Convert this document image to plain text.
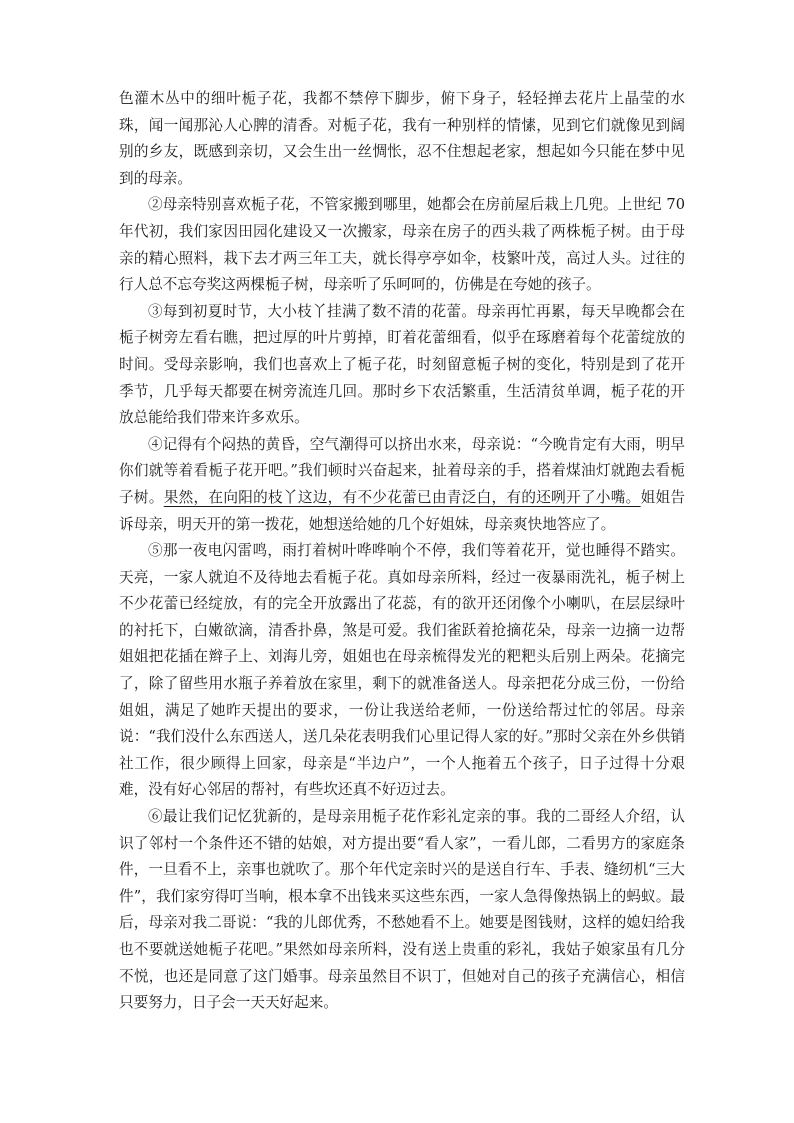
色灌木丛中的细叶栀子花，我都不禁停下脚步，俯下身子，轻轻掸去花片上晶莹的水珠，闻一闻那沁人心脾的清香。对栀子花，我有一种别样的情愫，见到它们就像见到阔别的乡友，既感到亲切，又会生出一丝惆怅，忍不住想起老家，想起如今只能在梦中见到的母亲。

②母亲特别喜欢栀子花，不管家搬到哪里，她都会在房前屋后栽上几兜。上世纪 70 年代初，我们家因田园化建设又一次搬家，母亲在房子的西头栽了两株栀子树。由于母亲的精心照料，栽下去才两三年工夫，就长得亭亭如伞，枝繁叶茂，高过人头。过往的行人总不忘夸奖这两棵栀子树，母亲听了乐呵呵的，仿佛是在夸她的孩子。

③每到初夏时节，大小枝丫挂满了数不清的花蕾。母亲再忙再累，每天早晚都会在栀子树旁左看右瞧，把过厚的叶片剪掉，盯着花蕾细看，似乎在琢磨着每个花蕾绽放的时间。受母亲影响，我们也喜欢上了栀子花，时刻留意栀子树的变化，特别是到了花开季节，几乎每天都要在树旁流连几回。那时乡下农活繁重，生活清贫单调，栀子花的开放总能给我们带来许多欢乐。

④记得有个闷热的黄昏，空气潮得可以挤出水来，母亲说：“今晚肯定有大雨，明早你们就等着看栀子花开吧。”我们顿时兴奋起来，扯着母亲的手，搭着煤油灯就跑去看栀子树。果然，在向阳的枝丫这边，有不少花蕾已由青泛白，有的还咧开了小嘴。姐姐告诉母亲，明天开的第一拨花，她想送给她的几个好姐妹，母亲爽快地答应了。

⑤那一夜电闪雷鸣，雨打着树叶哗哗响个不停，我们等着花开，觉也睡得不踏实。天亮，一家人就迫不及待地去看栀子花。真如母亲所料，经过一夜暴雨洗礼，栀子树上不少花蕾已经绽放，有的完全开放露出了花蕊，有的欲开还闭像个小喇叭，在层层绿叶的衬托下，白嫩欲滴，清香扑鼻，煞是可爱。我们雀跃着抢摘花朵，母亲一边摘一边帮姐姐把花插在辫子上、刘海儿旁，姐姐也在母亲梳得发光的粑粑头后别上两朵。花摘完了，除了留些用水瓶子养着放在家里，剩下的就准备送人。母亲把花分成三份，一份给姐姐，满足了她昨天提出的要求，一份让我送给老师，一份送给帮过忙的邻居。母亲说：“我们没什么东西送人，送几朵花表明我们心里记得人家的好。”那时父亲在外乡供销社工作，很少顾得上回家，母亲是“半边户”，一个人拖着五个孩子，日子过得十分艰难，没有好心邻居的帮衬，有些坎还真不好迈过去。

⑥最让我们记忆犹新的，是母亲用栀子花作彩礼定亲的事。我的二哥经人介绍，认识了邻村一个条件还不错的姑娘，对方提出要“看人家”，一看儿郎，二看男方的家庭条件，一旦看不上，亲事也就吹了。那个年代定亲时兴的是送自行车、手表、缝纫机“三大件”，我们家穷得叮当响，根本拿不出钱来买这些东西，一家人急得像热锅上的蚂蚁。最后，母亲对我二哥说：“我的儿郎优秀，不愁她看不上。她要是图钱财，这样的媳妇给我也不要就送她栀子花吧。”果然如母亲所料，没有送上贵重的彩礼，我姑子娘家虽有几分不悦，也还是同意了这门婚事。母亲虽然目不识丁，但她对自己的孩子充满信心，相信只要努力，日子会一天天好起来。
